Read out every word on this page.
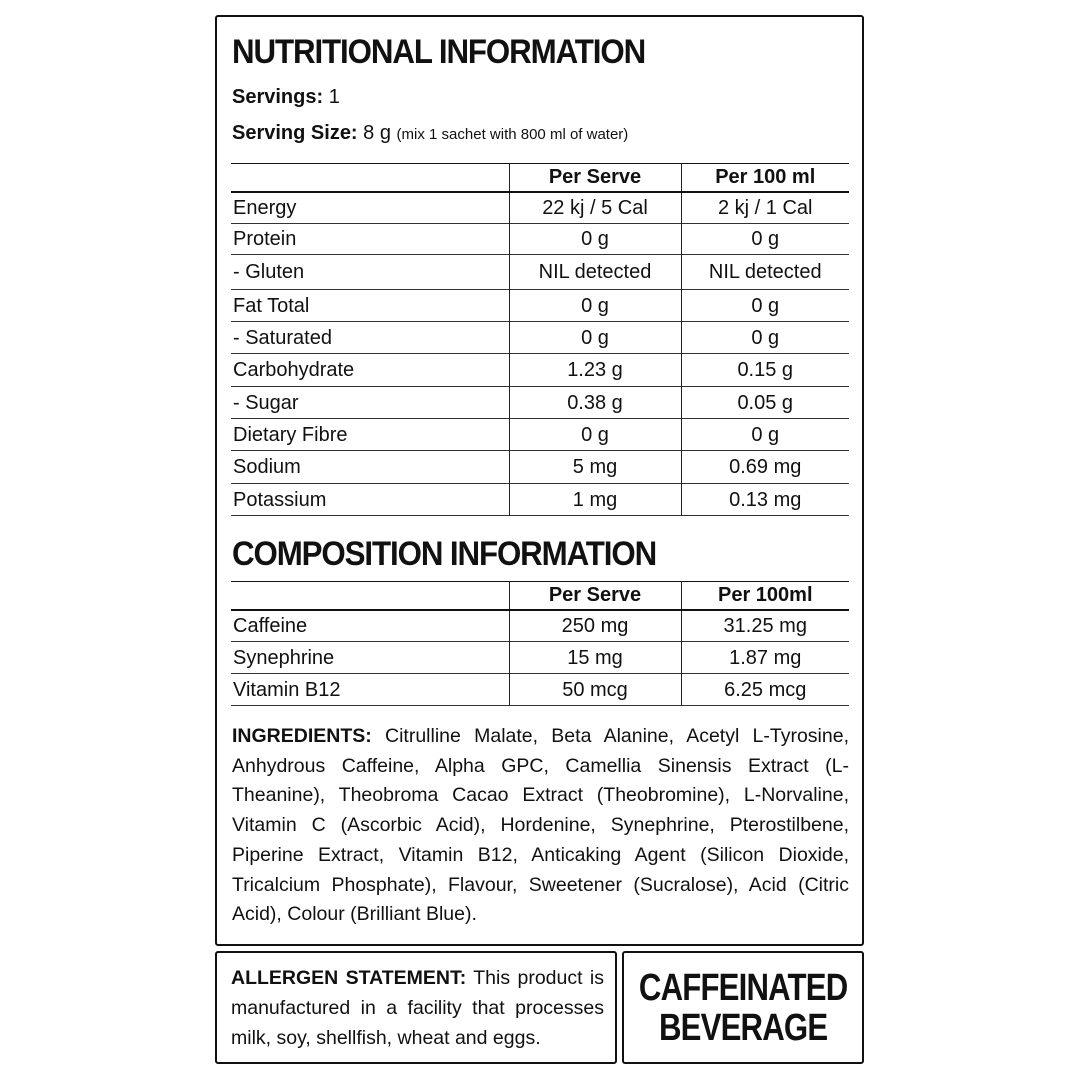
NUTRITIONAL INFORMATION
Servings: 1
Serving Size: 8 g (mix 1 sachet with 800 ml of water)
	Per Serve	Per 100 ml
Energy	22 kj / 5 Cal	2 kj / 1 Cal
Protein	0 g	0 g
- Gluten	NIL detected	NIL detected
Fat Total	0 g	0 g
- Saturated	0 g	0 g
Carbohydrate	1.23 g	0.15 g
- Sugar	0.38 g	0.05 g
Dietary Fibre	0 g	0 g
Sodium	5 mg	0.69 mg
Potassium	1 mg	0.13 mg
COMPOSITION INFORMATION
	Per Serve	Per 100ml
Caffeine	250 mg	31.25 mg
Synephrine	15 mg	1.87 mg
Vitamin B12	50 mcg	6.25 mcg
INGREDIENTS: Citrulline Malate, Beta Alanine, Acetyl L-Tyrosine, Anhydrous Caffeine, Alpha GPC, Camellia Sinensis Extract (L-Theanine), Theobroma Cacao Extract (Theobromine), L-Norvaline, Vitamin C (Ascorbic Acid), Hordenine, Synephrine, Pterostilbene, Piperine Extract, Vitamin B12, Anticaking Agent (Silicon Dioxide, Tricalcium Phosphate), Flavour, Sweetener (Sucralose), Acid (Citric Acid), Colour (Brilliant Blue).
ALLERGEN STATEMENT: This product is manufactured in a facility that processes milk, soy, shellfish, wheat and eggs.
CAFFEINATED
BEVERAGE
